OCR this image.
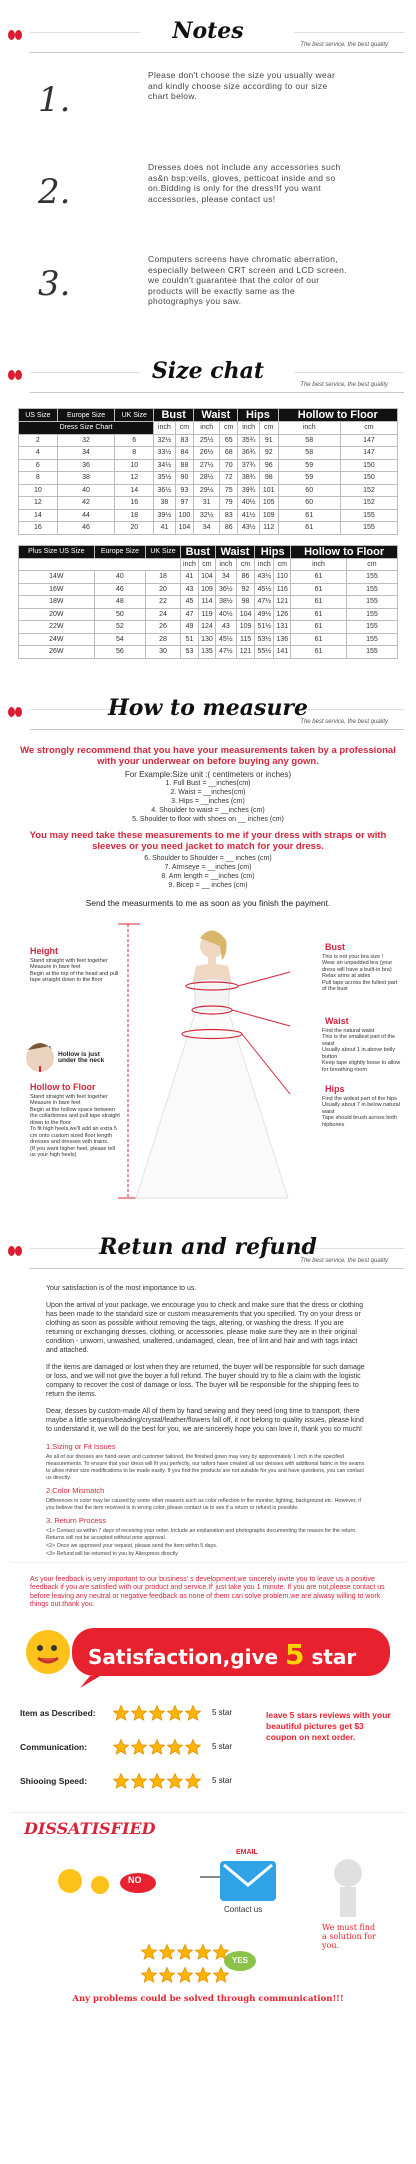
Notes
The best service, the best quality
1.
Please don't choose the size you usually wear and kindly choose size according to our size chart below.
2.
Dresses does not include any accessories such as&n bsp;veils, gloves, petticoat inside and so on.Bidding is only for the dress!If you want accessories, please contact us!
3.
Computers screens have chromatic aberration, especially between CRT screen and LCD screen. we couldn't guarantee that the color of our products will be exactly same as the photographys you saw.
Size chat
The best service, the best quality
US Size	Europe Size	UK Size	Bust		Waist		Hips		Hollow to Floor	
Dress Size Chart			inch	cm	inch	cm	inch	cm	inch	cm
2	32	6	32½	83	25½	65	35¾	91	58	147
4	34	8	33½	84	26½	68	36¾	92	58	147
6	36	10	34½	88	27½	70	37¾	96	59	150
8	38	12	35½	90	28½	72	38¾	98	59	150
10	40	14	36½	93	29½	75	39¾	101	60	152
12	42	16	38	97	31	79	40½	105	60	152
14	44	18	39½	100	32½	83	41½	109	61	155
16	46	20	41	104	34	86	43½	112	61	155
Plus Size US Size	Europe Size	UK Size	Bust		Waist		Hips		Hollow to Floor	
			inch	cm	inch	cm	inch	cm	inch	cm
14W	40	18	41	104	34	86	43½	110	61	155
16W	46	20	43	109	36½	92	45½	116	61	155
18W	48	22	45	114	38½	98	47½	121	61	155
20W	50	24	47	119	40½	104	49½	126	61	155
22W	52	26	49	124	43	109	51½	131	61	155
24W	54	28	51	130	45½	115	53½	136	61	155
26W	56	30	53	135	47½	121	55½	141	61	155
How to measure
The best service, the best quality
We strongly recommend that you have your measurements taken by a professional with your underwear on before buying any gown.
For Example:Size unit :( centimeters or inches)
1. Full Bust = __inches(cm)
2. Waist = __inches(cm)
3. Hips = __inches (cm)
4. Shoulder to waist = __inches (cm)
5. Shoulder to floor with shoes on __ inches (cm)
You may need take these measurements to me if your dress with straps or with sleeves or you need jacket to match for your dress.
6. Shoulder to Shoulder = __ inches (cm)
7. Armseye = __inches (cm)
8. Arm length = __inches (cm)
9. Bicep = __ inches (cm)
Send the measurments to me as soon as you finish the payment.
Height
Stand straight with feet together
Measure in bare feet
Begin at the top of the head and pull tape straight down to the floor
Hollow is just under the neck
Hollow to Floor
Stand straight with feet together
Measure in bare feet
Begin at the hollow space between the collarbones and pull tape straight down to the floor
To fit high heels,we'll add an extra 5 cm onto custom sized floor length dresses and dresses with trains.
(If you want higher heel, please tell us your high heels)
Bust
This is not your bra size !
Wear an unpadded bra (your dress will have a built-in bra)
Relax arms at sides
Pull tape across the fullest part of the bust
Waist
Find the natural waist
This is the smallest part of the waist
Usually about 1 in.above belly button
Keep tape slightly loose to allow for breathing room
Hips
Find the widest part of the hips
Usually about 7 in.below natural waist
Tape should brush across both hipbones
Retun and refund
The best service, the best quality

Your satisfaction is of the most importance to us.

Upon the arrival of your package, we encourage you to check and make sure that the dress or clothing has been made to the standard size or custom measurements that you specified. Try on your dress or clothing as soon as possible without removing the tags, altering, or washing the dress. If you are returning or exchanging dresses, clothing, or accessories, please make sure they are in their original condition - unworn, unwashed, unaltered, undamaged, clean, free of lint and hair and with tags intact and attached.

If the items are damaged or lost when they are returned, the buyer will be responsible for such damage or loss, and we will not give the buyer a full refund. The buyer should try to file a claim with the logistic company to recover the cost of damage or loss. The buyer will be responsible for the shipping fees to return the items.

Dear, desses by custom-made All of them by hand sewing and they need long time to transport, there maybe a little sequins/beading/crystal/feather/flowers fall off, it not belong to quality issues, please kind to understand it, we will do the best for you, we are sincerely hope you can love it, thank you so much!

1.Sizing or Fit Issues
As all of our dresses are hand-sewn and customer tailored, the finished gown may vary by approximately 1 inch in the specified measurements. To ensure that your dress will fit you perfectly, our tailors have created all our dresses with additional fabric in the seams to allow minor size modifications to be made easily. If you find the products are not suitable for you and have questions, you can contact us directly.
2.Color Mismatch
Differences in color may be caused by some other reasons such as color reflection in the monitor, lighting, background etc. However, if you believe that the item received is in wrong color, please contact us to see if a return or refund is possible.
3. Return Process
<1> Contact us within 7 days of receiving your order. Include an explanation and photographs documenting the reason for the return. Returns will not be accepted without prior approval.
<2> Once we approved your request, please send the item within 5 days.
<3> Refund will be returned to you by Aliexpress directly
As your feedback is very important to our business' s development,we sincerely invite you to leave us a positive feedback if you are satisfied with our product and service.If' just take you 1 minute. If you are not,please contact us before leaving any neutral or negative feedback as none of them can solve problem.we are alwasy willing to work things out.thank you.
Satisfaction,give 5 star
Item as Described:	5 star
Communication:	5 star
Shiooing Speed:	5 star
leave 5 stars reviews with your beautiful pictures get $3 coupon on next order.
DISSATISFIED
NO
EMAIL
Contact us
We must find a solution for you.
YES
Any problems could be solved through communication!!!
